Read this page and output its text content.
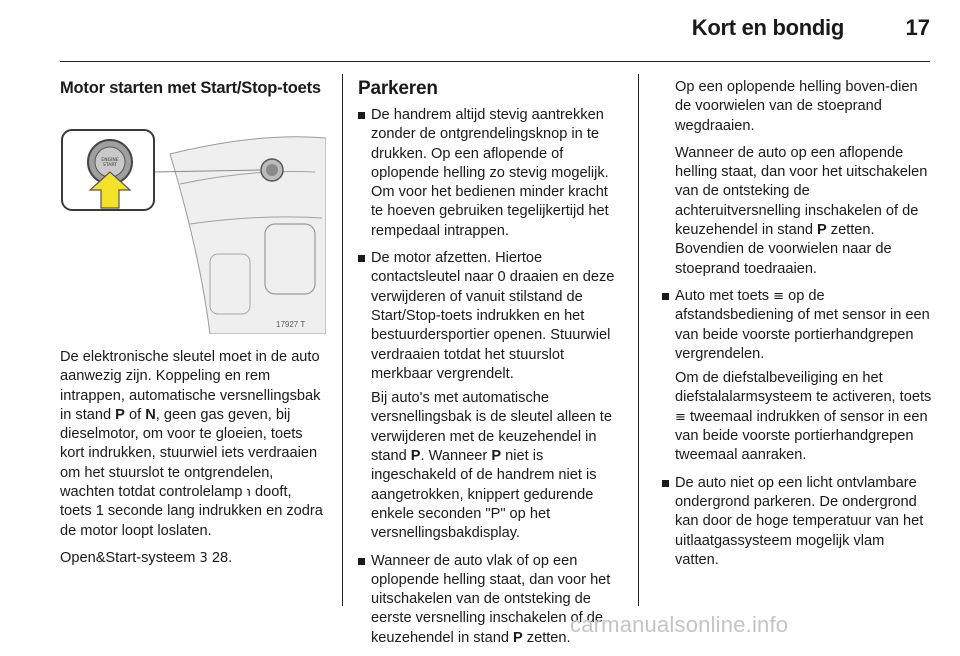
Kort en bondig	17

Motor starten met Start/Stop-toets

ENGINE
START
17927 T

De elektronische sleutel moet in de auto aanwezig zijn. Koppeling en rem intrappen, automatische versnellingsbak in stand P of N, geen gas geven, bij dieselmotor, om voor te gloeien, toets kort indrukken, stuurwiel iets verdraaien om het stuurslot te ontgrendelen, wachten totdat controlelamp ℩ dooft, toets 1 seconde lang indrukken en zodra de motor loopt loslaten.

Open&Start-systeem 3 28.

Parkeren

De handrem altijd stevig aantrekken zonder de ontgrendelingsknop in te drukken. Op een aflopende of oplopende helling zo stevig mogelijk. Om voor het bedienen minder kracht te hoeven gebruiken tegelijkertijd het rempedaal intrappen.

De motor afzetten. Hiertoe contactsleutel naar 0 draaien en deze verwijderen of vanuit stilstand de Start/Stop-toets indrukken en het bestuurdersportier openen. Stuurwiel verdraaien totdat het stuurslot merkbaar vergrendelt.

Bij auto's met automatische versnellingsbak is de sleutel alleen te verwijderen met de keuzehendel in stand P. Wanneer P niet is ingeschakeld of de handrem niet is aangetrokken, knippert gedurende enkele seconden "P" op het versnellingsbakdisplay.

Wanneer de auto vlak of op een oplopende helling staat, dan voor het uitschakelen van de ontsteking de eerste versnelling inschakelen of de keuzehendel in stand P zetten.

Op een oplopende helling boven-dien de voorwielen van de stoeprand wegdraaien.

Wanneer de auto op een aflopende helling staat, dan voor het uitschakelen van de ontsteking de achteruitversnelling inschakelen of de keuzehendel in stand P zetten. Bovendien de voorwielen naar de stoeprand toedraaien.

Auto met toets ≡ op de afstandsbediening of met sensor in een van beide voorste portierhandgrepen vergrendelen.

Om de diefstalbeveiliging en het diefstalalarmsysteem te activeren, toets ≡ tweemaal indrukken of sensor in een van beide voorste portierhandgrepen tweemaal aanraken.

De auto niet op een licht ontvlambare ondergrond parkeren. De ondergrond kan door de hoge temperatuur van het uitlaatgassysteem mogelijk vlam vatten.

carmanualsonline.info
